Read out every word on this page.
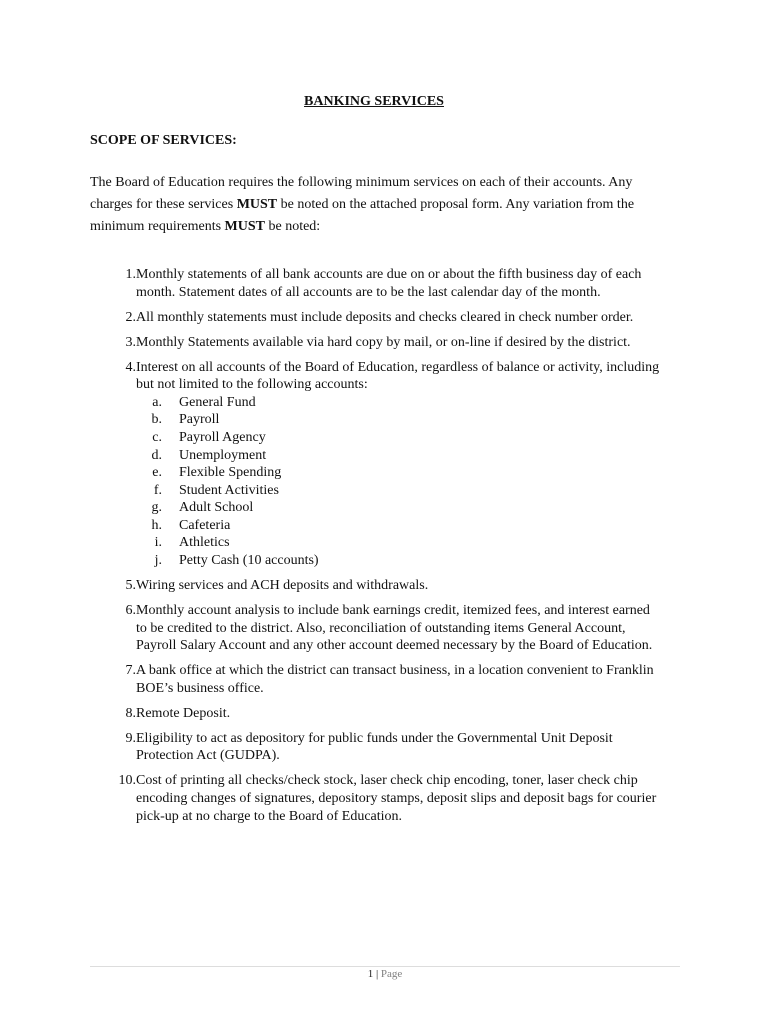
BANKING SERVICES
SCOPE OF SERVICES:
The Board of Education requires the following minimum services on each of their accounts. Any charges for these services MUST be noted on the attached proposal form. Any variation from the minimum requirements MUST be noted:
1. Monthly statements of all bank accounts are due on or about the fifth business day of each month. Statement dates of all accounts are to be the last calendar day of the month.
2. All monthly statements must include deposits and checks cleared in check number order.
3. Monthly Statements available via hard copy by mail, or on-line if desired by the district.
4. Interest on all accounts of the Board of Education, regardless of balance or activity, including but not limited to the following accounts:
a.	General Fund
b.	Payroll
c.	Payroll Agency
d.	Unemployment
e.	Flexible Spending
f.	Student Activities
g.	Adult School
h.	Cafeteria
i.	Athletics
j.	Petty Cash (10 accounts)
5. Wiring services and ACH deposits and withdrawals.
6. Monthly account analysis to include bank earnings credit, itemized fees, and interest earned to be credited to the district. Also, reconciliation of outstanding items General Account, Payroll Salary Account and any other account deemed necessary by the Board of Education.
7. A bank office at which the district can transact business, in a location convenient to Franklin BOE’s business office.
8. Remote Deposit.
9. Eligibility to act as depository for public funds under the Governmental Unit Deposit Protection Act (GUDPA).
10. Cost of printing all checks/check stock, laser check chip encoding, toner, laser check chip encoding changes of signatures, depository stamps, deposit slips and deposit bags for courier pick-up at no charge to the Board of Education.
1 | Page
